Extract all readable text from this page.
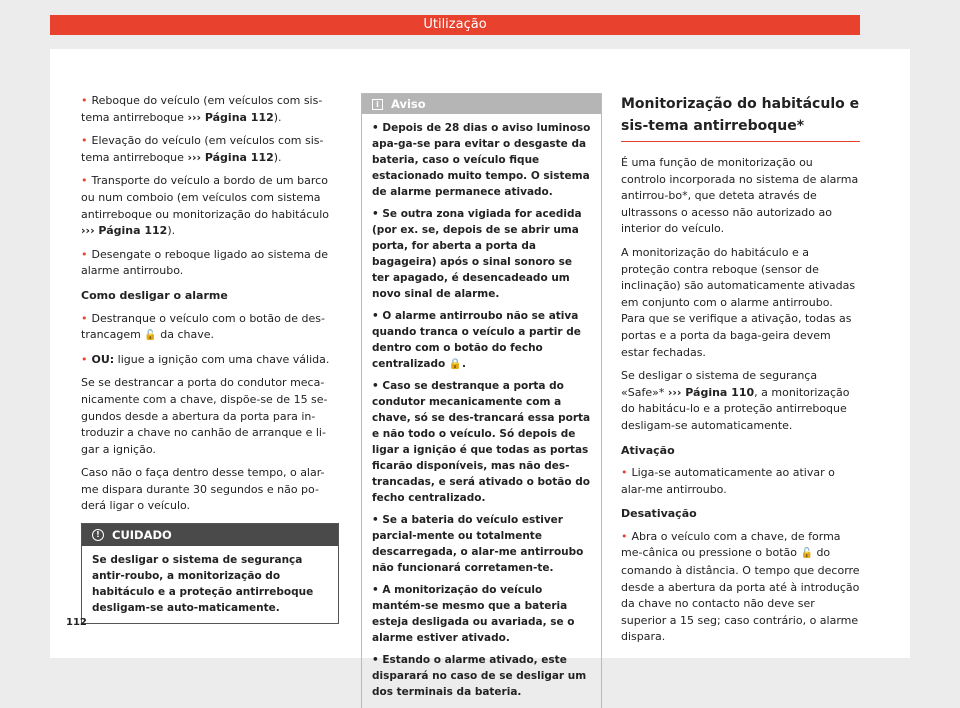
Utilização

• Reboque do veículo (em veículos com sis-tema antirreboque ››› Página 112).

• Elevação do veículo (em veículos com sis-tema antirreboque ››› Página 112).

• Transporte do veículo a bordo de um barco ou num comboio (em veículos com sistema antirreboque ou monitorização do habitáculo ››› Página 112).

• Desengate o reboque ligado ao sistema de alarme antirroubo.

Como desligar o alarme

• Destranque o veículo com o botão de des-trancagem 🔓 da chave.

• OU: ligue a ignição com uma chave válida.

Se se destrancar a porta do condutor meca-nicamente com a chave, dispõe-se de 15 se-gundos desde a abertura da porta para in-troduzir a chave no canhão de arranque e li-gar a ignição.

Caso não o faça dentro desse tempo, o alar-me dispara durante 30 segundos e não po-derá ligar o veículo.

!	CUIDADO
Se desligar o sistema de segurança antir-roubo, a monitorização do habitáculo e a proteção antirreboque desligam-se auto-maticamente.
i	Aviso

• Depois de 28 dias o aviso luminoso apa-ga-se para evitar o desgaste da bateria, caso o veículo fique estacionado muito tempo. O sistema de alarme permanece ativado.

• Se outra zona vigiada for acedida (por ex. se, depois de se abrir uma porta, for aberta a porta da bagageira) após o sinal sonoro se ter apagado, é desencadeado um novo sinal de alarme.

• O alarme antirroubo não se ativa quando tranca o veículo a partir de dentro com o botão do fecho centralizado 🔒.

• Caso se destranque a porta do condutor mecanicamente com a chave, só se des-trancará essa porta e não todo o veículo. Só depois de ligar a ignição é que todas as portas ficarão disponíveis, mas não des-trancadas, e será ativado o botão do fecho centralizado.

• Se a bateria do veículo estiver parcial-mente ou totalmente descarregada, o alar-me antirroubo não funcionará corretamen-te.

• A monitorização do veículo mantém-se mesmo que a bateria esteja desligada ou avariada, se o alarme estiver ativado.

• Estando o alarme ativado, este disparará no caso de se desligar um dos terminais da bateria.

Monitorização do habitáculo e sis-tema antirreboque*

É uma função de monitorização ou controlo incorporada no sistema de alarma antirrou-bo*, que deteta através de ultrassons o acesso não autorizado ao interior do veículo.

A monitorização do habitáculo e a proteção contra reboque (sensor de inclinação) são automaticamente ativadas em conjunto com o alarme antirroubo. Para que se verifique a ativação, todas as portas e a porta da baga-geira devem estar fechadas.

Se desligar o sistema de segurança «Safe»* ››› Página 110, a monitorização do habitácu-lo e a proteção antirreboque desligam-se automaticamente.

Ativação

• Liga-se automaticamente ao ativar o alar-me antirroubo.

Desativação

• Abra o veículo com a chave, de forma me-cânica ou pressione o botão 🔓 do comando à distância. O tempo que decorre desde a abertura da porta até à introdução da chave no contacto não deve ser superior a 15 seg; caso contrário, o alarme dispara.

112
